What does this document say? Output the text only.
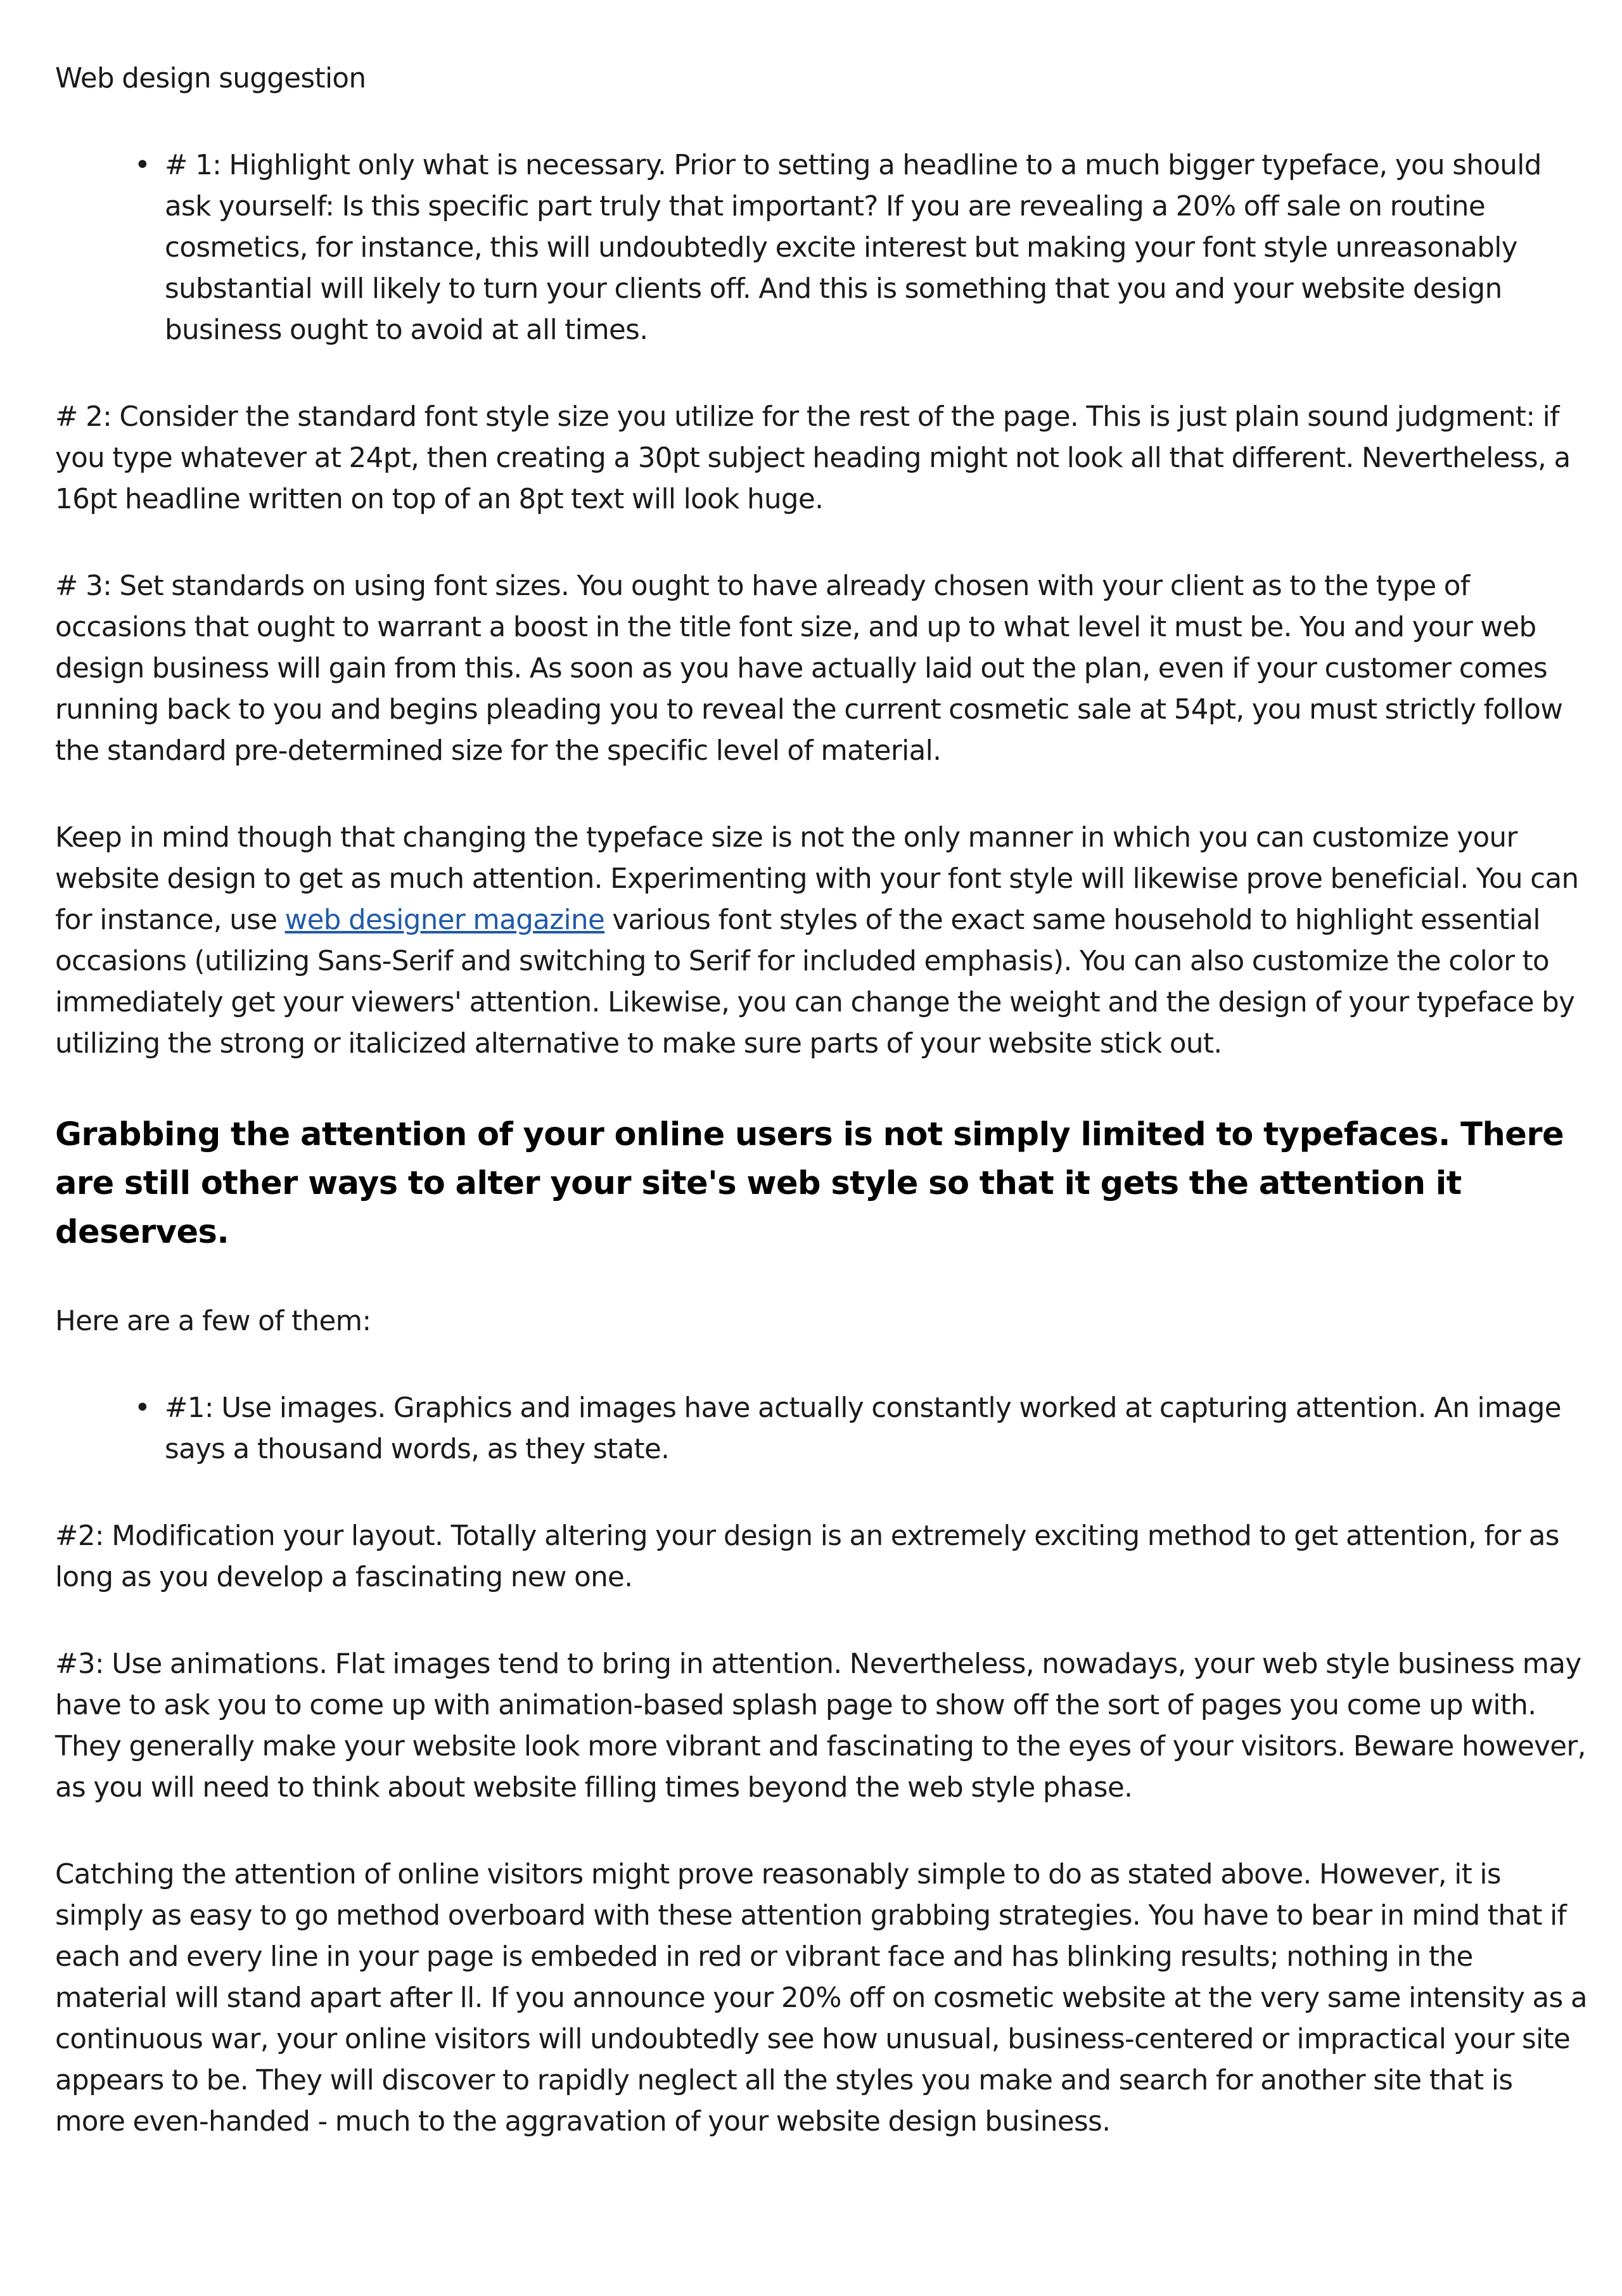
Web design suggestion

• # 1: Highlight only what is necessary. Prior to setting a headline to a much bigger typeface, you should ask yourself: Is this specific part truly that important? If you are revealing a 20% off sale on routine cosmetics, for instance, this will undoubtedly excite interest but making your font style unreasonably substantial will likely to turn your clients off. And this is something that you and your website design business ought to avoid at all times.

# 2: Consider the standard font style size you utilize for the rest of the page. This is just plain sound judgment: if you type whatever at 24pt, then creating a 30pt subject heading might not look all that different. Nevertheless, a 16pt headline written on top of an 8pt text will look huge.

# 3: Set standards on using font sizes. You ought to have already chosen with your client as to the type of occasions that ought to warrant a boost in the title font size, and up to what level it must be. You and your web design business will gain from this. As soon as you have actually laid out the plan, even if your customer comes running back to you and begins pleading you to reveal the current cosmetic sale at 54pt, you must strictly follow the standard pre-determined size for the specific level of material.

Keep in mind though that changing the typeface size is not the only manner in which you can customize your website design to get as much attention. Experimenting with your font style will likewise prove beneficial. You can for instance, use web designer magazine various font styles of the exact same household to highlight essential occasions (utilizing Sans-Serif and switching to Serif for included emphasis). You can also customize the color to immediately get your viewers' attention. Likewise, you can change the weight and the design of your typeface by utilizing the strong or italicized alternative to make sure parts of your website stick out.

Grabbing the attention of your online users is not simply limited to typefaces. There are still other ways to alter your site's web style so that it gets the attention it deserves.

Here are a few of them:

• #1: Use images. Graphics and images have actually constantly worked at capturing attention. An image says a thousand words, as they state.

#2: Modification your layout. Totally altering your design is an extremely exciting method to get attention, for as long as you develop a fascinating new one.

#3: Use animations. Flat images tend to bring in attention. Nevertheless, nowadays, your web style business may have to ask you to come up with animation-based splash page to show off the sort of pages you come up with. They generally make your website look more vibrant and fascinating to the eyes of your visitors. Beware however, as you will need to think about website filling times beyond the web style phase.

Catching the attention of online visitors might prove reasonably simple to do as stated above. However, it is simply as easy to go method overboard with these attention grabbing strategies. You have to bear in mind that if each and every line in your page is embeded in red or vibrant face and has blinking results; nothing in the material will stand apart after ll. If you announce your 20% off on cosmetic website at the very same intensity as a continuous war, your online visitors will undoubtedly see how unusual, business-centered or impractical your site appears to be. They will discover to rapidly neglect all the styles you make and search for another site that is more even-handed - much to the aggravation of your website design business.
